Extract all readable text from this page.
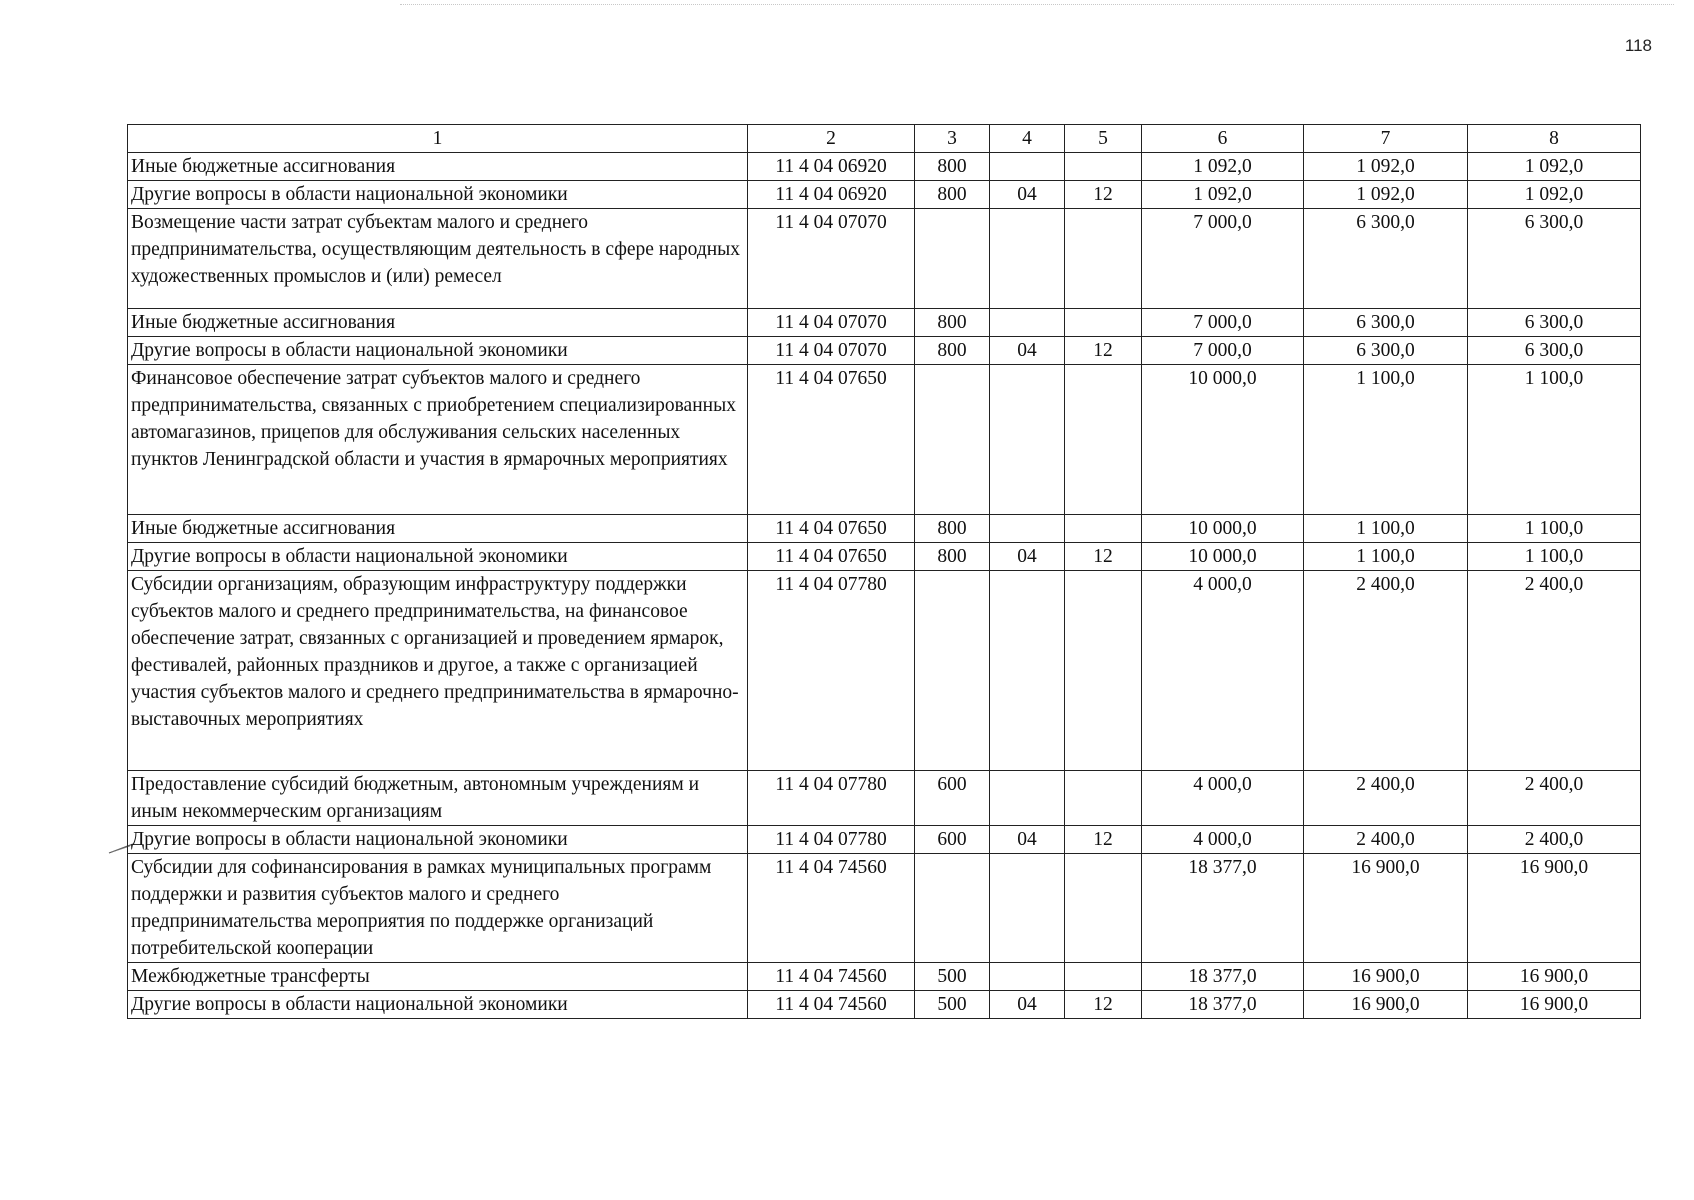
118
1	2	3	4	5	6	7	8
Иные бюджетные ассигнования	11 4 04 06920	800			1 092,0	1 092,0	1 092,0
Другие вопросы в области национальной экономики	11 4 04 06920	800	04	12	1 092,0	1 092,0	1 092,0
Возмещение части затрат субъектам малого и среднего предпринимательства, осуществляющим деятельность в сфере народных художественных промыслов и (или) ремесел	11 4 04 07070				7 000,0	6 300,0	6 300,0
Иные бюджетные ассигнования	11 4 04 07070	800			7 000,0	6 300,0	6 300,0
Другие вопросы в области национальной экономики	11 4 04 07070	800	04	12	7 000,0	6 300,0	6 300,0
Финансовое обеспечение затрат субъектов малого и среднего предпринимательства, связанных с приобретением специализированных автомагазинов, прицепов для обслуживания сельских населенных пунктов Ленинградской области и участия в ярмарочных мероприятиях	11 4 04 07650				10 000,0	1 100,0	1 100,0
Иные бюджетные ассигнования	11 4 04 07650	800			10 000,0	1 100,0	1 100,0
Другие вопросы в области национальной экономики	11 4 04 07650	800	04	12	10 000,0	1 100,0	1 100,0
Субсидии организациям, образующим инфраструктуру поддержки субъектов малого и среднего предпринимательства, на финансовое обеспечение затрат, связанных с организацией и проведением ярмарок, фестивалей, районных праздников и другое, а также с организацией участия субъектов малого и среднего предпринимательства в ярмарочно-выставочных мероприятиях	11 4 04 07780				4 000,0	2 400,0	2 400,0
Предоставление субсидий бюджетным, автономным учреждениям и иным некоммерческим организациям	11 4 04 07780	600			4 000,0	2 400,0	2 400,0
Другие вопросы в области национальной экономики	11 4 04 07780	600	04	12	4 000,0	2 400,0	2 400,0
Субсидии для софинансирования в рамках муниципальных программ поддержки и развития субъектов малого и среднего предпринимательства мероприятия по поддержке организаций потребительской кооперации	11 4 04 74560				18 377,0	16 900,0	16 900,0
Межбюджетные трансферты	11 4 04 74560	500			18 377,0	16 900,0	16 900,0
Другие вопросы в области национальной экономики	11 4 04 74560	500	04	12	18 377,0	16 900,0	16 900,0
